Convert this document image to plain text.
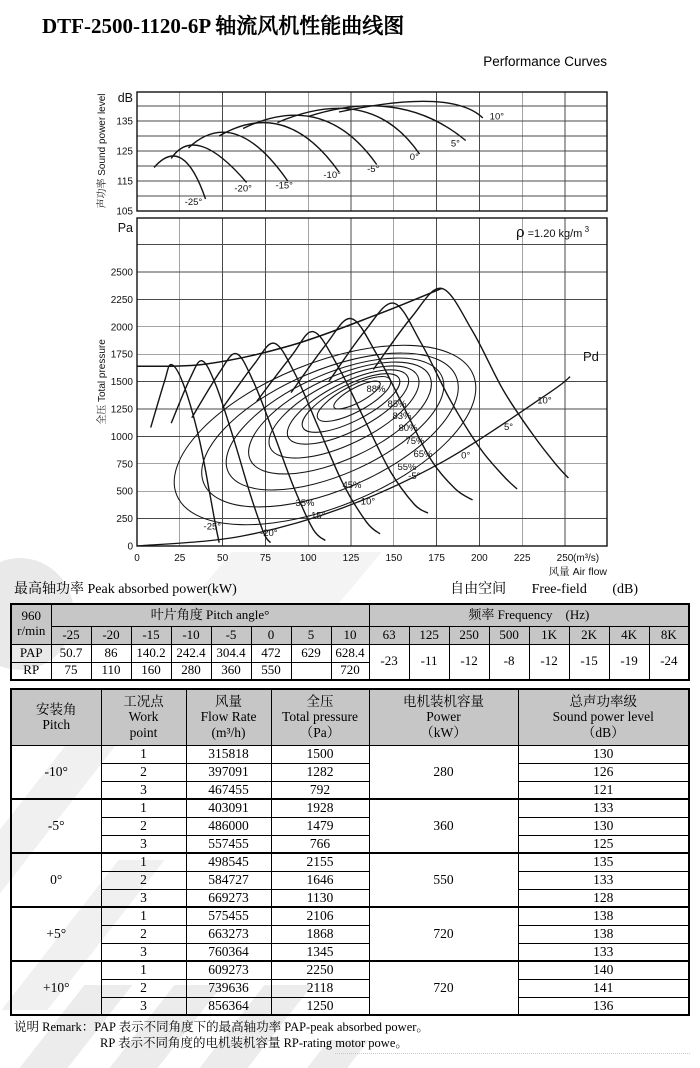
DTF-2500-1120-6P 轴流风机性能曲线图
Performance Curves
-25°
-20° -15°
-10°
-5°
0°
5°
10°
dB
105
115
125
135
声功率 Sound power level
35%
45%
55%
65%
75%
80%
83%
85%
88%
-25°
-20°
-15°
-10°
-5°
0°
5°
10°
Pd
ρ =1.20 kg/m $^3$
Pa
0
250
500
750
1000
1250
1500
1750
2000
2250
2500
全压 Total pressure
0	25	50	75	100	125	150	175	200	225	250 (m³/s)
风量 Air flow
最高轴功率 Peak absorbed power(kW)	自由空间 Free-field (dB)
960
r/min	叶片角度 Pitch angle°								频率 Frequency　(Hz)							
	-25	-20	-15	-10	-5	0	5	10	63	125	250	500	1K	2K	4K	8K
PAP	50.7	86	140.2	242.4	304.4	472	629	628.4	-23	-11	-12	-8	-12	-15	-19	-24
RP	75	110	160	280	360	550		720								
安装角
Pitch

工况点
Work
point

风量
Flow Rate
(m³/h)

全压
Total pressure
（Pa）

电机装机容量
Power
（kW）

总声功率级
Sound power level
（dB）

-10°	1	315818	1500	280	130
	2	397091	1282		126
	3	467455	792		121
-5°	1	403091	1928	360	133
	2	486000	1479		130
	3	557455	766		125
0°	1	498545	2155	550	135
	2	584727	1646		133
	3	669273	1130		128
+5°	1	575455	2106	720	138
	2	663273	1868		138
	3	760364	1345		133
+10°	1	609273	2250	720	140
	2	739636	2118		141
	3	856364	1250		136
说明 Remark：PAP 表示不同角度下的最高轴功率 PAP-peak absorbed power。
RP 表示不同角度的电机装机容量 RP-rating motor powe。
